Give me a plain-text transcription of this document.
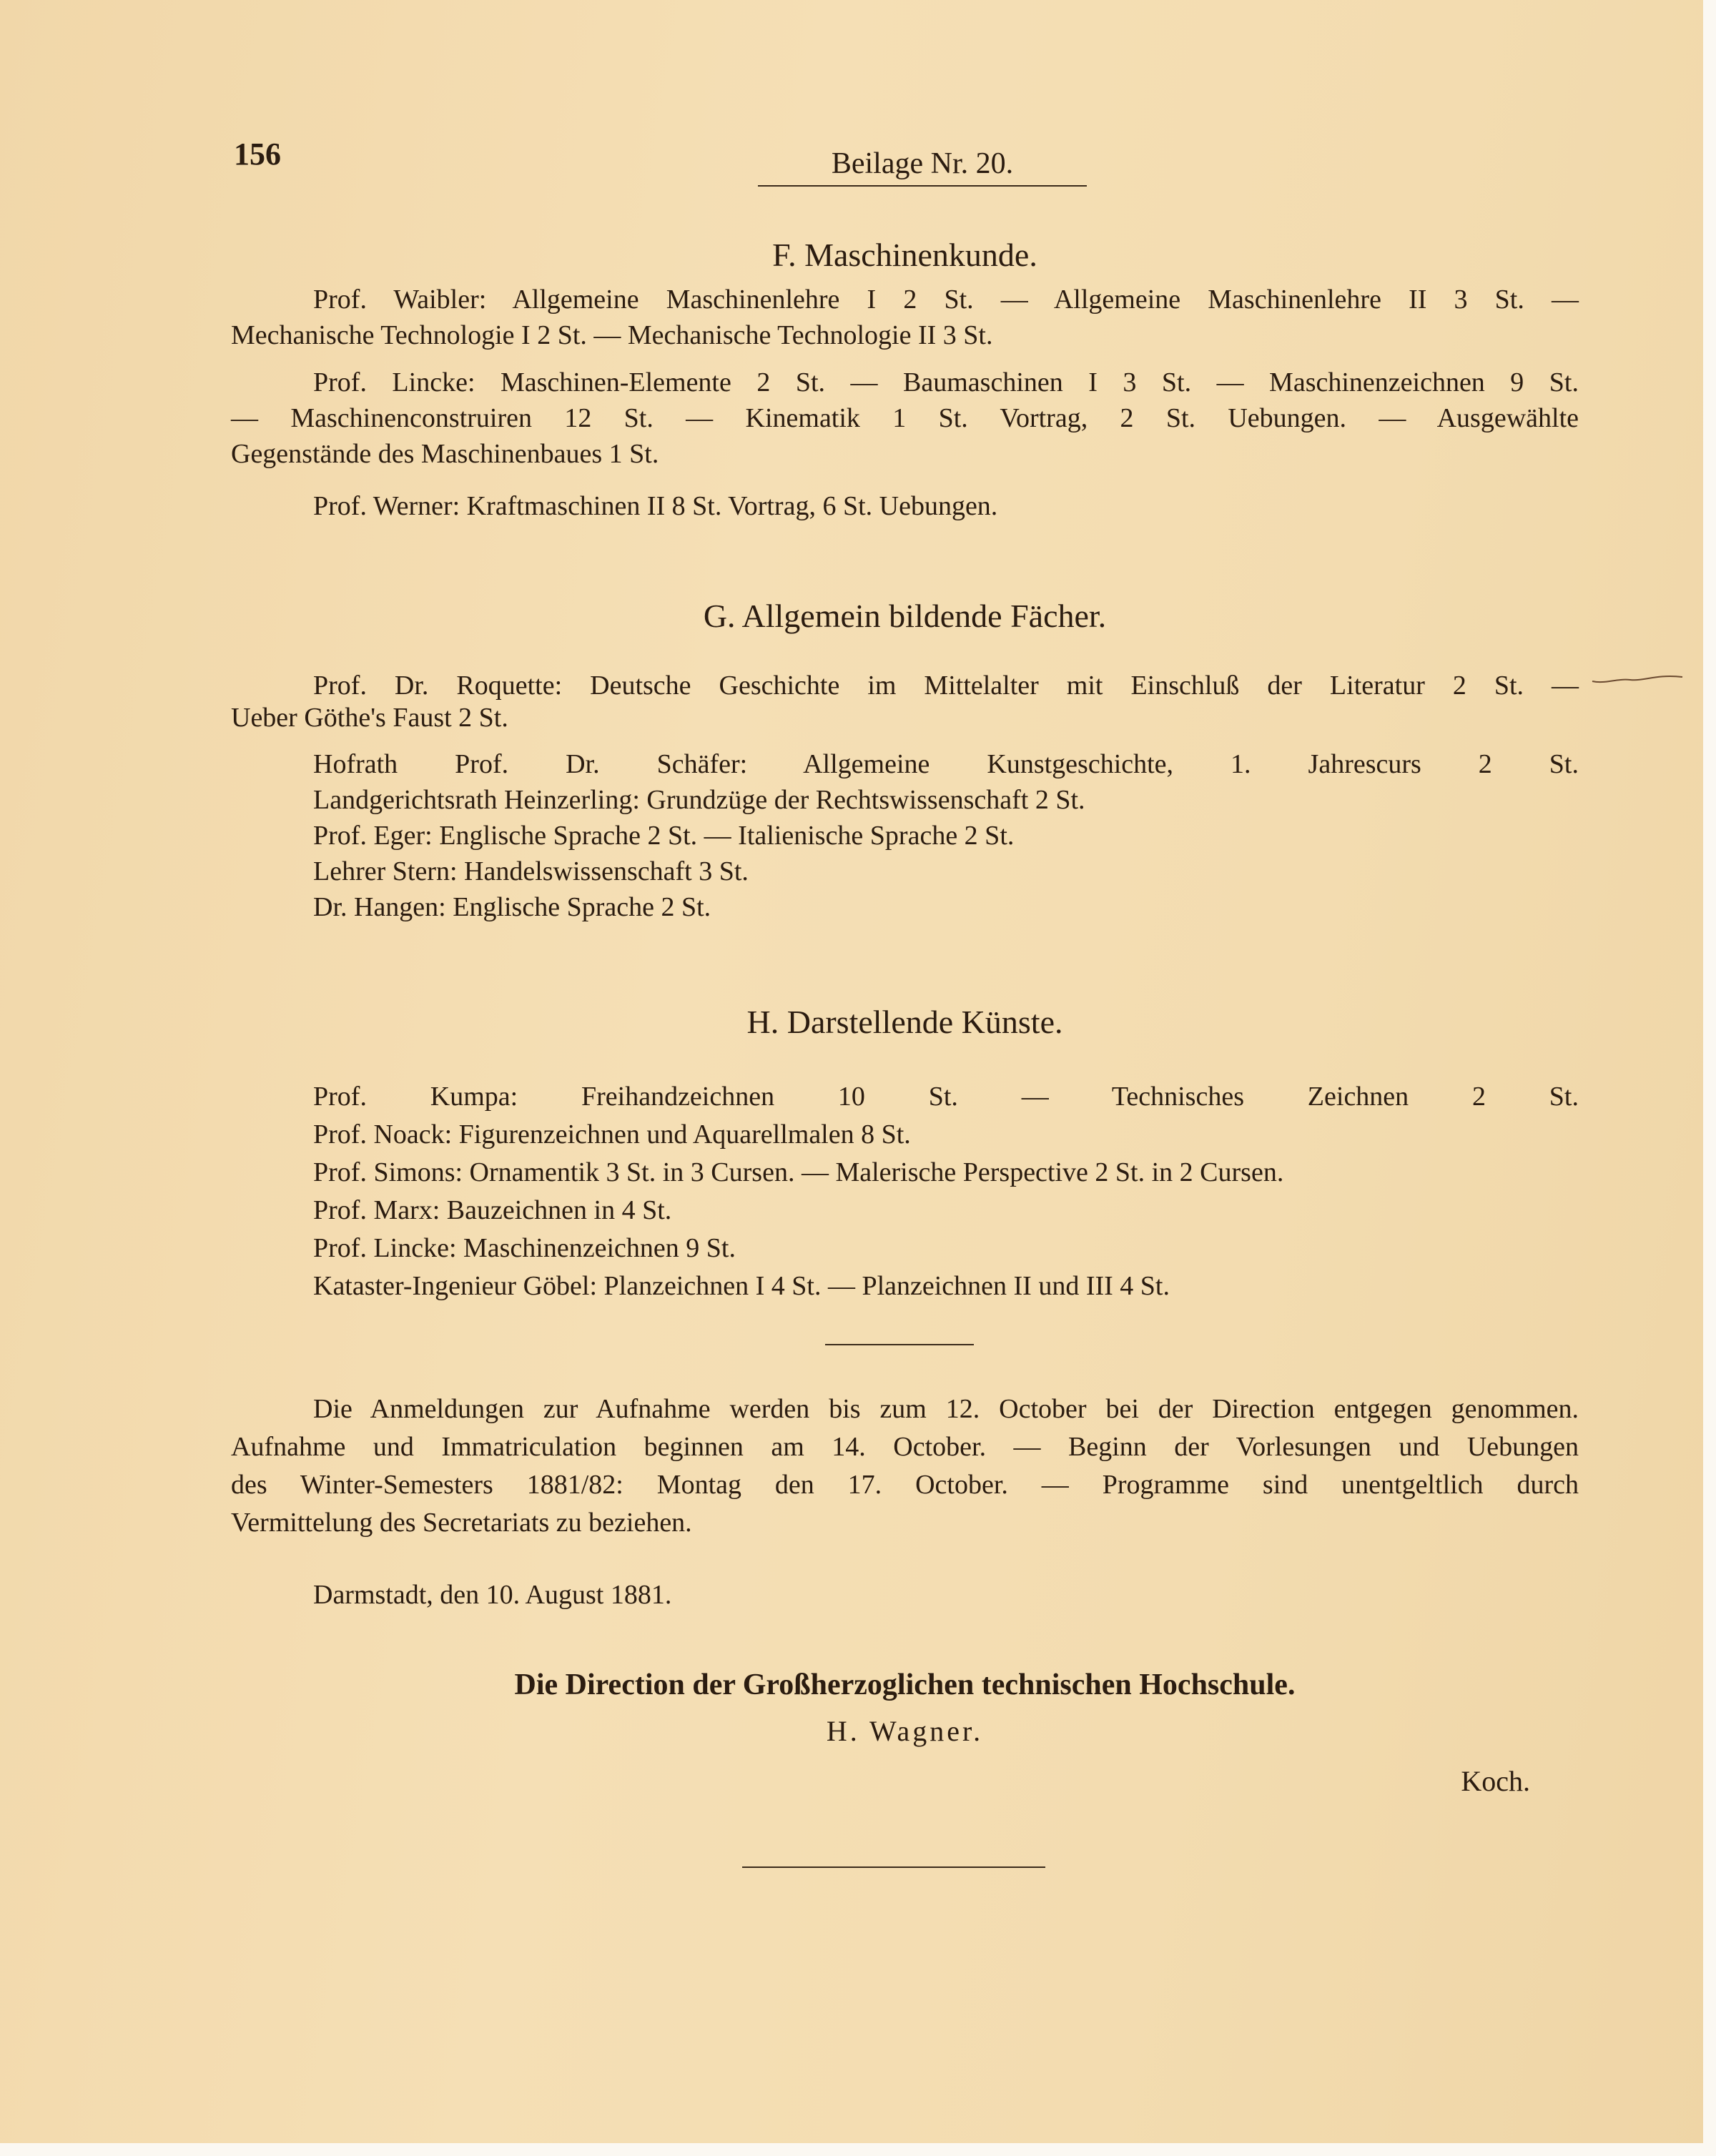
156	Beilage Nr. 20.
F. Maschinenkunde.
Prof. Waibler: Allgemeine Maschinenlehre I 2 St. — Allgemeine Maschinenlehre II 3 St. —
Mechanische Technologie I 2 St. — Mechanische Technologie II 3 St.
Prof. Lincke: Maschinen-Elemente 2 St. — Baumaschinen I 3 St. — Maschinenzeichnen 9 St.
— Maschinenconstruiren 12 St. — Kinematik 1 St. Vortrag, 2 St. Uebungen. — Ausgewählte
Gegenstände des Maschinenbaues 1 St.
Prof. Werner: Kraftmaschinen II 8 St. Vortrag, 6 St. Uebungen.
G. Allgemein bildende Fächer.
Prof. Dr. Roquette: Deutsche Geschichte im Mittelalter mit Einschluß der Literatur 2 St. —
Ueber Göthe's Faust 2 St.
Hofrath Prof. Dr. Schäfer: Allgemeine Kunstgeschichte, 1. Jahrescurs 2 St.
Landgerichtsrath Heinzerling: Grundzüge der Rechtswissenschaft 2 St.
Prof. Eger: Englische Sprache 2 St. — Italienische Sprache 2 St.
Lehrer Stern: Handelswissenschaft 3 St.
Dr. Hangen: Englische Sprache 2 St.
H. Darstellende Künste.
Prof. Kumpa: Freihandzeichnen 10 St. — Technisches Zeichnen 2 St.
Prof. Noack: Figurenzeichnen und Aquarellmalen 8 St.
Prof. Simons: Ornamentik 3 St. in 3 Cursen. — Malerische Perspective 2 St. in 2 Cursen.
Prof. Marx: Bauzeichnen in 4 St.
Prof. Lincke: Maschinenzeichnen 9 St.
Kataster-Ingenieur Göbel: Planzeichnen I 4 St. — Planzeichnen II und III 4 St.
Die Anmeldungen zur Aufnahme werden bis zum 12. October bei der Direction entgegen genommen.
Aufnahme und Immatriculation beginnen am 14. October. — Beginn der Vorlesungen und Uebungen
des Winter-Semesters 1881/82: Montag den 17. October. — Programme sind unentgeltlich durch
Vermittelung des Secretariats zu beziehen.
Darmstadt, den 10. August 1881.
Die Direction der Großherzoglichen technischen Hochschule.
H. Wagner.
Koch.
